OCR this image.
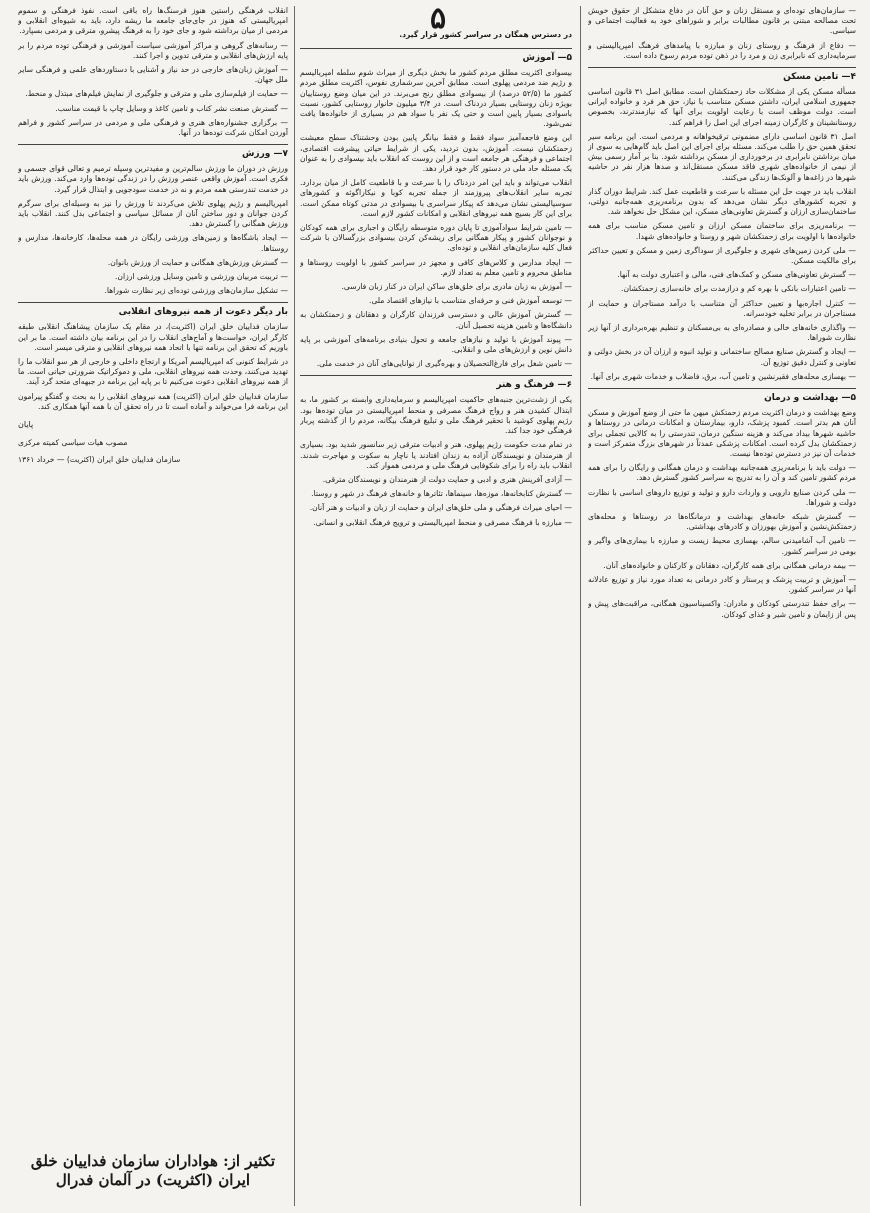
۵	— سازمان‌های توده‌ای و مستقل زنان و حق آنان در دفاع متشکل از حقوق خویش تحت مصالحه مبتنی بر قانون مطالبات برابر و شوراهای خود به فعالیت اجتماعی و سیاسی.

— دفاع از فرهنگ و روستای زنان و مبارزه با پیامدهای فرهنگ امپریالیستی و سرمایه‌داری که نابرابری زن و مرد را در ذهن توده مردم رسوخ داده است.

۴— تامین مسکن

مسأله مسکن یکی از مشکلات حاد زحمتکشان است. مطابق اصل ۳۱ قانون اساسی جمهوری اسلامی ایران، داشتن مسکن متناسب با نیاز، حق هر فرد و خانواده ایرانی است. دولت موظف است با رعایت اولویت برای آنها که نیازمندترند، بخصوص روستانشینان و کارگران زمینه اجرای این اصل را فراهم کند.

اصل ۳۱ قانون اساسی دارای مضمونی ترقیخواهانه و مردمی است. این برنامه سیر تحقق همین حق را طلب می‌کند. مسئله برای اجرای این اصل باید گام‌هایی به سوی از میان برداشتن نابرابری در برخورداری از مسکن برداشته شود. بنا بر آمار رسمی بیش از نیمی از خانواده‌های شهری فاقد مسکن مستقل‌اند و صدها هزار نفر در حاشیه شهرها در زاغه‌ها و آلونک‌ها زندگی می‌کنند.

انقلاب باید در جهت حل این مسئله با سرعت و قاطعیت عمل کند. شرایط دوران گذار و تجربه کشورهای دیگر نشان می‌دهد که بدون برنامه‌ریزی همه‌جانبه دولتی، ساختمان‌سازی ارزان و گسترش تعاونی‌های مسکن، این مشکل حل نخواهد شد.

— برنامه‌ریزی برای ساختمان مسکن ارزان و تامین مسکن مناسب برای همه خانواده‌ها با اولویت برای زحمتکشان شهر و روستا و خانواده‌های شهدا.

— ملی کردن زمین‌های شهری و جلوگیری از سوداگری زمین و مسکن و تعیین حداکثر برای مالکیت مسکن.

— گسترش تعاونی‌های مسکن و کمک‌های فنی، مالی و اعتباری دولت به آنها.

— تامین اعتبارات بانکی با بهره کم و درازمدت برای خانه‌سازی زحمتکشان.

— کنترل اجاره‌بها و تعیین حداکثر آن متناسب با درآمد مستاجران و حمایت از مستاجران در برابر تخلیه خودسرانه.

— واگذاری خانه‌های خالی و مصادره‌ای به بی‌مسکنان و تنظیم بهره‌برداری از آنها زیر نظارت شوراها.

— ایجاد و گسترش صنایع مصالح ساختمانی و تولید انبوه و ارزان آن در بخش دولتی و تعاونی و کنترل دقیق توزیع آن.

— بهسازی محله‌های فقیرنشین و تامین آب، برق، فاضلاب و خدمات شهری برای آنها.

۵— بهداشت و درمان

وضع بهداشت و درمان اکثریت مردم زحمتکش میهن ما حتی از وضع آموزش و مسکن آنان هم بدتر است. کمبود پزشک، دارو، بیمارستان و امکانات درمانی در روستاها و حاشیه شهرها بیداد می‌کند و هزینه سنگین درمان، تندرستی را به کالایی تجملی برای زحمتکشان بدل کرده است. امکانات پزشکی عمدتاً در شهرهای بزرگ متمرکز است و خدمات آن نیز در دسترس توده‌ها نیست.

— دولت باید با برنامه‌ریزی همه‌جانبه بهداشت و درمان همگانی و رایگان را برای همه مردم کشور تامین کند و آن را به تدریج به سراسر کشور گسترش دهد.

— ملی کردن صنایع دارویی و واردات دارو و تولید و توزیع داروهای اساسی با نظارت دولت و شوراها.

— گسترش شبکه خانه‌های بهداشت و درمانگاه‌ها در روستاها و محله‌های زحمتکش‌نشین و آموزش بهورزان و کادرهای بهداشتی.

— تامین آب آشامیدنی سالم، بهسازی محیط زیست و مبارزه با بیماری‌های واگیر و بومی در سراسر کشور.

— بیمه درمانی همگانی برای همه کارگران، دهقانان و کارکنان و خانواده‌های آنان.

— آموزش و تربیت پزشک و پرستار و کادر درمانی به تعداد مورد نیاز و توزیع عادلانه آنها در سراسر کشور.

— برای حفظ تندرستی کودکان و مادران: واکسیناسیون همگانی، مراقبت‌های پیش و پس از زایمان و تامین شیر و غذای کودکان.

در دسترس همگان در سراسر کشور قرار گیرد.

۵— آموزش

بیسوادی اکثریت مطلق مردم کشور ما بخش دیگری از میراث شوم سلطه امپریالیسم و رژیم ضد مردمی پهلوی است. مطابق آخرین سرشماری نفوس، اکثریت مطلق مردم کشور ما (۵۲/۵ درصد) از بیسوادی مطلق رنج می‌برند. در این میان وضع روستاییان بویژه زنان روستایی بسیار دردناک است. در ۳/۴ میلیون خانوار روستایی کشور، نسبت باسوادی بسیار پایین است و حتی یک نفر با سواد هم در بسیاری از خانواده‌ها یافت نمی‌شود.

این وضع فاجعه‌آمیز سواد فقط و فقط بیانگر پایین بودن وحشتناک سطح معیشت زحمتکشان نیست. آموزش، بدون تردید، یکی از شرایط حیاتی پیشرفت اقتصادی، اجتماعی و فرهنگی هر جامعه است و از این روست که انقلاب باید بیسوادی را به عنوان یک مسئله حاد ملی در دستور کار خود قرار دهد.

انقلاب می‌تواند و باید این امر دردناک را با سرعت و با قاطعیت کامل از میان بردارد. تجربه سایر انقلاب‌های پیروزمند از جمله تجربه کوبا و نیکاراگوئه و کشورهای سوسیالیستی نشان می‌دهد که پیکار سراسری با بیسوادی در مدتی کوتاه ممکن است. برای این کار بسیج همه نیروهای انقلابی و امکانات کشور لازم است.

— تامین شرایط سوادآموزی تا پایان دوره متوسطه رایگان و اجباری برای همه کودکان و نوجوانان کشور و پیکار همگانی برای ریشه‌کن کردن بیسوادی بزرگسالان با شرکت فعال کلیه سازمان‌های انقلابی و توده‌ای.

— ایجاد مدارس و کلاس‌های کافی و مجهز در سراسر کشور با اولویت روستاها و مناطق محروم و تامین معلم به تعداد لازم.

— آموزش به زبان مادری برای خلق‌های ساکن ایران در کنار زبان فارسی.

— توسعه آموزش فنی و حرفه‌ای متناسب با نیازهای اقتصاد ملی.

— گسترش آموزش عالی و دسترسی فرزندان کارگران و دهقانان و زحمتکشان به دانشگاه‌ها و تامین هزینه تحصیل آنان.

— پیوند آموزش با تولید و نیازهای جامعه و تحول بنیادی برنامه‌های آموزشی بر پایه دانش نوین و ارزش‌های ملی و انقلابی.

— تامین شغل برای فارغ‌التحصیلان و بهره‌گیری از توانایی‌های آنان در خدمت ملی.

۶— فرهنگ و هنر

یکی از زشت‌ترین جنبه‌های حاکمیت امپریالیسم و سرمایه‌داری وابسته بر کشور ما، به ابتذال کشیدن هنر و رواج فرهنگ مصرفی و منحط امپریالیستی در میان توده‌ها بود. رژیم پهلوی کوشید با تحقیر فرهنگ ملی و تبلیغ فرهنگ بیگانه، مردم را از گذشته پربار فرهنگی خود جدا کند.

در تمام مدت حکومت رژیم پهلوی، هنر و ادبیات مترقی زیر سانسور شدید بود. بسیاری از هنرمندان و نویسندگان آزاده به زندان افتادند یا ناچار به سکوت و مهاجرت شدند. انقلاب باید راه را برای شکوفایی فرهنگ ملی و مردمی هموار کند.

— آزادی آفرینش هنری و ادبی و حمایت دولت از هنرمندان و نویسندگان مترقی.

— گسترش کتابخانه‌ها، موزه‌ها، سینماها، تئاترها و خانه‌های فرهنگ در شهر و روستا.

— احیای میراث فرهنگی و ملی خلق‌های ایران و حمایت از زبان و ادبیات و هنر آنان.

— مبارزه با فرهنگ مصرفی و منحط امپریالیستی و ترویج فرهنگ انقلابی و انسانی.

انقلاب فرهنگی راستین هنوز فرسنگ‌ها راه باقی است. نفوذ فرهنگی و سموم امپریالیستی که هنوز در جای‌جای جامعه ما ریشه دارد، باید به شیوه‌ای انقلابی و مردمی از میان برداشته شود و جای خود را به فرهنگ پیشرو، مترقی و مردمی بسپارد.

— رسانه‌های گروهی و مراکز آموزشی سیاست آموزشی و فرهنگی توده مردم را بر پایه ارزش‌های انقلابی و مترقی تدوین و اجرا کنند.

— آموزش زبان‌های خارجی در حد نیاز و آشنایی با دستاوردهای علمی و فرهنگی سایر ملل جهان.

— حمایت از فیلم‌سازی ملی و مترقی و جلوگیری از نمایش فیلم‌های مبتذل و منحط.

— گسترش صنعت نشر کتاب و تامین کاغذ و وسایل چاپ با قیمت مناسب.

— برگزاری جشنواره‌های هنری و فرهنگی ملی و مردمی در سراسر کشور و فراهم آوردن امکان شرکت توده‌ها در آنها.

۷— ورزش

ورزش در دوران ما ورزش سالم‌ترین و مفیدترین وسیله ترمیم و تعالی قوای جسمی و فکری است. آموزش واقعی عنصر ورزش را در زندگی توده‌ها وارد می‌کند. ورزش باید در خدمت تندرستی همه مردم و نه در خدمت سودجویی و ابتذال قرار گیرد.

امپریالیسم و رژیم پهلوی تلاش می‌کردند تا ورزش را نیز به وسیله‌ای برای سرگرم کردن جوانان و دور ساختن آنان از مسائل سیاسی و اجتماعی بدل کنند. انقلاب باید ورزش همگانی را گسترش دهد.

— ایجاد باشگاه‌ها و زمین‌های ورزشی رایگان در همه محله‌ها، کارخانه‌ها، مدارس و روستاها.

— گسترش ورزش‌های همگانی و حمایت از ورزش بانوان.

— تربیت مربیان ورزشی و تامین وسایل ورزشی ارزان.

— تشکیل سازمان‌های ورزشی توده‌ای زیر نظارت شوراها.

بار دیگر دعوت از همه نیروهای انقلابی

سازمان فداییان خلق ایران (اکثریت)، در مقام یک سازمان پیشاهنگ انقلابی طبقه کارگر ایران، خواست‌ها و آماج‌های انقلاب را در این برنامه بیان داشته است. ما بر این باوریم که تحقق این برنامه تنها با اتحاد همه نیروهای انقلابی و مترقی میسر است.

در شرایط کنونی که امپریالیسم آمریکا و ارتجاع داخلی و خارجی از هر سو انقلاب ما را تهدید می‌کنند، وحدت همه نیروهای انقلابی، ملی و دموکراتیک ضرورتی حیاتی است. ما از همه نیروهای انقلابی دعوت می‌کنیم تا بر پایه این برنامه در جبهه‌ای متحد گرد آیند.

سازمان فداییان خلق ایران (اکثریت) همه نیروهای انقلابی را به بحث و گفتگو پیرامون این برنامه فرا می‌خواند و آماده است تا در راه تحقق آن با همه آنها همکاری کند.

پایان
مصوب هیات سیاسی کمیته مرکزی
سازمان فداییان خلق ایران (اکثریت) — خرداد ۱۳۶۱
تکثیر از: هواداران سازمان فداییان خلق ایران (اکثریت) در آلمان فدرال
